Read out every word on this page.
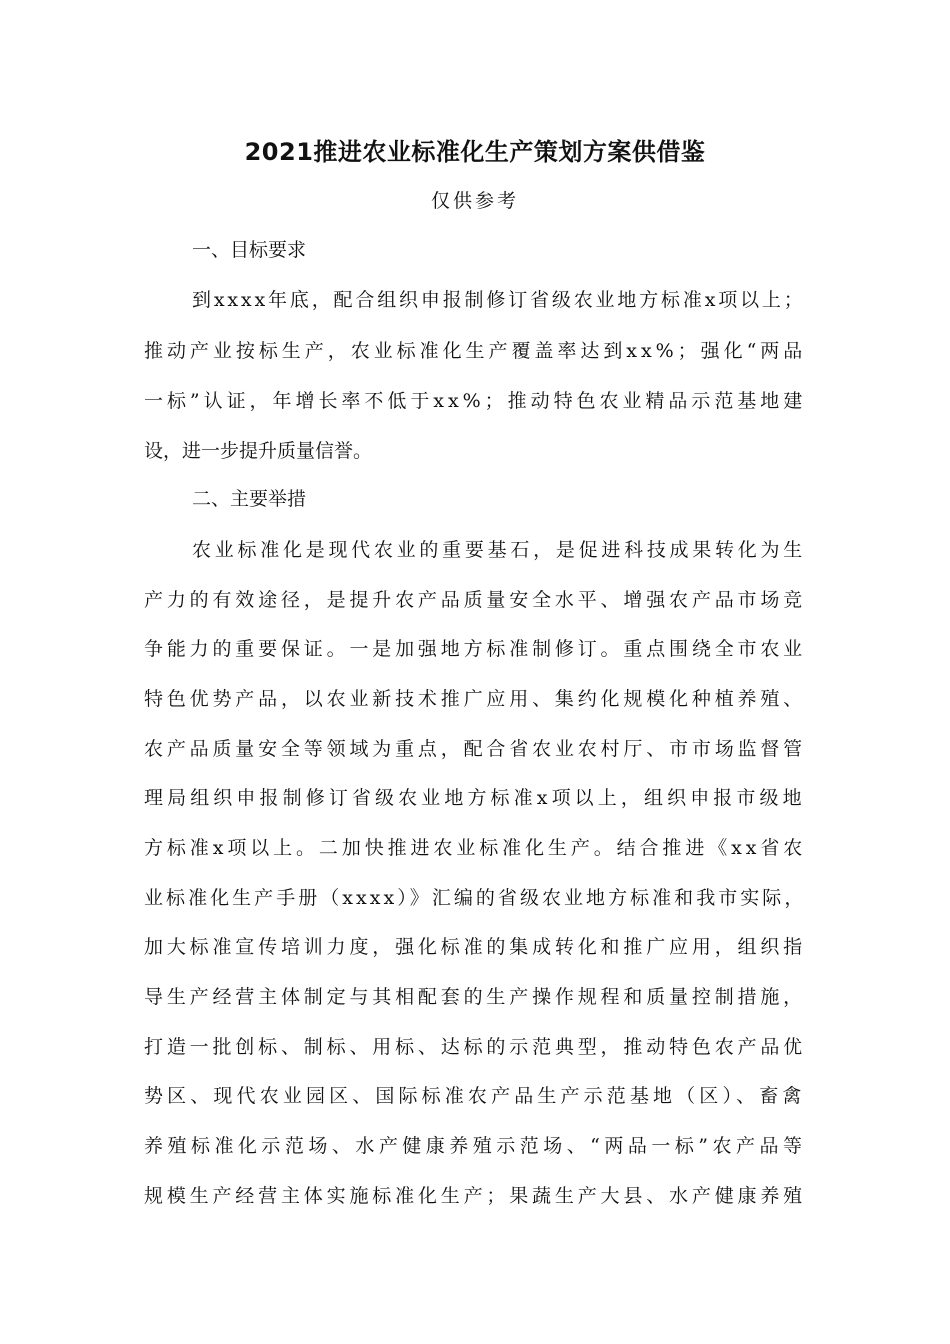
2021推进农业标准化生产策划方案供借鉴
仅供参考
一、目标要求
到xxxx年底，配合组织申报制修订省级农业地方标准x项以上；
推动产业按标生产，农业标准化生产覆盖率达到xx%；强化“两品
一标”认证，年增长率不低于xx%；推动特色农业精品示范基地建
设，进一步提升质量信誉。
二、主要举措
农业标准化是现代农业的重要基石，是促进科技成果转化为生
产力的有效途径，是提升农产品质量安全水平、增强农产品市场竞
争能力的重要保证。一是加强地方标准制修订。重点围绕全市农业
特色优势产品，以农业新技术推广应用、集约化规模化种植养殖、
农产品质量安全等领域为重点，配合省农业农村厅、市市场监督管
理局组织申报制修订省级农业地方标准x项以上，组织申报市级地
方标准x项以上。二加快推进农业标准化生产。结合推进《xx省农
业标准化生产手册（xxxx）》汇编的省级农业地方标准和我市实际，
加大标准宣传培训力度，强化标准的集成转化和推广应用，组织指
导生产经营主体制定与其相配套的生产操作规程和质量控制措施，
打造一批创标、制标、用标、达标的示范典型，推动特色农产品优
势区、现代农业园区、国际标准农产品生产示范基地（区）、畜禽
养殖标准化示范场、水产健康养殖示范场、“两品一标”农产品等
规模生产经营主体实施标准化生产；果蔬生产大县、水产健康养殖
